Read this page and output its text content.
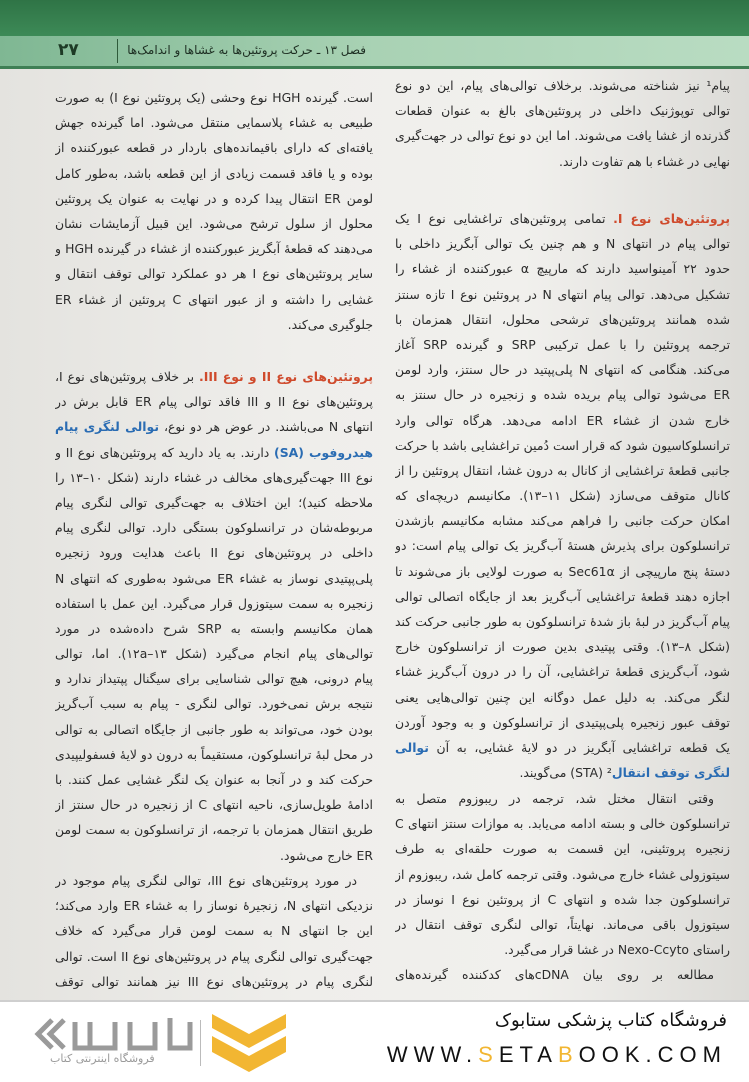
۲۷	فصل ۱۳ ـ حرکت پروتئین‌ها به غشاها و اندامک‌ها
پیام¹ نیز شناخته می‌شوند. برخلاف توالی‌های پیام، این دو نوع
توالی توپوژنیک داخلی در پروتئین‌های بالغ به عنوان قطعات
گذرنده از غشا یافت می‌شوند. اما این دو نوع توالی در جهت‌گیری
نهایی در غشاء با هم تفاوت دارند.
پروتئین‌های نوع I. تمامی پروتئین‌های تراغشایی نوع I یک
توالی پیام در انتهای N و هم چنین یک توالی آبگریز داخلی با
حدود ۲۲ آمینواسید دارند که مارپیچ α عبورکننده از غشاء را
تشکیل می‌دهد. توالی پیام انتهای N در پروتئین نوع I تازه سنتز
شده همانند پروتئین‌های ترشحی محلول، انتقال همزمان با
ترجمه پروتئین را با عمل ترکیبی SRP و گیرنده SRP آغاز
می‌کند. هنگامی که انتهای N پلی‌پپتید در حال سنتز، وارد لومن
ER می‌شود توالی پیام بریده شده و زنجیره در حال سنتز به
خارج شدن از غشاء ER ادامه می‌دهد. هرگاه توالی وارد
ترانسلوکاسیون شود که قرار است دُمین تراغشایی باشد با حرکت
جانبی قطعهٔ تراغشایی از کانال به درون غشا، انتقال پروتئین را از
کانال متوقف می‌سازد (شکل ۱۱–۱۳). مکانیسم دریچه‌ای که
امکان حرکت جانبی را فراهم می‌کند مشابه مکانیسم بازشدن
ترانسلوکون برای پذیرش هستهٔ آب‌گریز یک توالی پیام است: دو
دستهٔ پنج مارپیچی از Sec61α به صورت لولایی باز می‌شوند تا
اجازه دهند قطعهٔ تراغشایی آب‌گریز بعد از جایگاه اتصالی توالی
پیام آب‌گریز در لبهٔ باز شدهٔ ترانسلوکون به طور جانبی حرکت کند
(شکل ۸–۱۳). وقتی پپتیدی بدین صورت از ترانسلوکون خارج
شود، آب‌گریزی قطعهٔ تراغشایی، آن را در درون آب‌گریز غشاء
لنگر می‌کند. به دلیل عمل دوگانه این چنین توالی‌هایی یعنی
توقف عبور زنجیره پلی‌پپتیدی از ترانسلوکون و به وجود آوردن
یک قطعه تراغشایی آبگریز در دو لایهٔ غشایی، به آن توالی
لنگری توقف انتقال² (STA) می‌گویند.
وقتی انتقال مختل شد، ترجمه در ریبوزوم متصل به
ترانسلوکون خالی و بسته ادامه می‌یابد. به موازات سنتز انتهای C
زنجیره پروتئینی، این قسمت به صورت حلقه‌ای به طرف
سیتوزولی غشاء خارج می‌شود. وقتی ترجمه کامل شد، ریبوزوم از
ترانسلوکون جدا شده و انتهای C از پروتئین نوع I نوساز در
سیتوزول باقی می‌ماند. نهایتاً، توالی لنگری توقف انتقال در
راستای Nexo-Ccyto در غشا قرار می‌گیرد.
مطالعه بر روی بیان cDNAهای کدکننده گیرنده‌های
است. گیرنده HGH نوع وحشی (یک پروتئین نوع I) به صورت
طبیعی به غشاء پلاسمایی منتقل می‌شود. اما گیرنده جهش
یافته‌ای که دارای باقیمانده‌های باردار در قطعه عبورکننده از
بوده و یا فاقد قسمت زیادی از این قطعه باشد، به‌طور کامل
لومن ER انتقال پیدا کرده و در نهایت به عنوان یک پروتئین
محلول از سلول ترشح می‌شود. این قبیل آزمایشات نشان
می‌دهند که قطعهٔ آبگریز عبورکننده از غشاء در گیرنده HGH و
سایر پروتئین‌های نوع I هر دو عملکرد توالی توقف انتقال و
غشایی را داشته و از عبور انتهای C پروتئین از غشاء ER
جلوگیری می‌کند.
پروتئین‌های نوع II و نوع III. بر خلاف پروتئین‌های نوع I،
پروتئین‌های نوع II و III فاقد توالی پیام ER قابل برش در
انتهای N می‌باشند. در عوض هر دو نوع، توالی لنگری پیام
هیدروفوب (SA) دارند. به یاد دارید که پروتئین‌های نوع II و
نوع III جهت‌گیری‌های مخالف در غشاء دارند (شکل ۱۰–۱۳ را
ملاحظه کنید)؛ این اختلاف به جهت‌گیری توالی لنگری پیام
مربوطه‌شان در ترانسلوکون بستگی دارد. توالی لنگری پیام
داخلی در پروتئین‌های نوع II باعث هدایت ورود زنجیره
پلی‌پپتیدی نوساز به غشاء ER می‌شود به‌طوری که انتهای N
زنجیره به سمت سیتوزول قرار می‌گیرد. این عمل با استفاده
همان مکانیسم وابسته به SRP شرح داده‌شده در مورد
توالی‌های پیام انجام می‌گیرد (شکل ۱۲a–۱۳). اما، توالی
پیام درونی، هیچ توالی شناسایی برای سیگنال پپتیداز ندارد و
نتیجه برش نمی‌خورد. توالی لنگری - پیام به سبب آب‌گریز
بودن خود، می‌تواند به طور جانبی از جایگاه اتصالی به توالی
در محل لبهٔ ترانسلوکون، مستقیماً به درون دو لایهٔ فسفولیپیدی
حرکت کند و در آنجا به عنوان یک لنگر غشایی عمل کنند. با
ادامهٔ طویل‌سازی، ناحیه انتهای C از زنجیره در حال سنتز از
طریق انتقال همزمان با ترجمه، از ترانسلوکون به سمت لومن
ER خارج می‌شود.
در مورد پروتئین‌های نوع III، توالی لنگری پیام موجود در
نزدیکی انتهای N، زنجیرهٔ نوساز را به غشاء ER وارد می‌کند؛
این جا انتهای N به سمت لومن قرار می‌گیرد که خلاف
جهت‌گیری توالی لنگری پیام در پروتئین‌های نوع II است. توالی
لنگری پیام در پروتئین‌های نوع III نیز همانند توالی توقف
فروشگاه کتاب پزشکی ستابوک
WWW.SETABOOK.COM
فروشگاه اینترنتی کتاب
